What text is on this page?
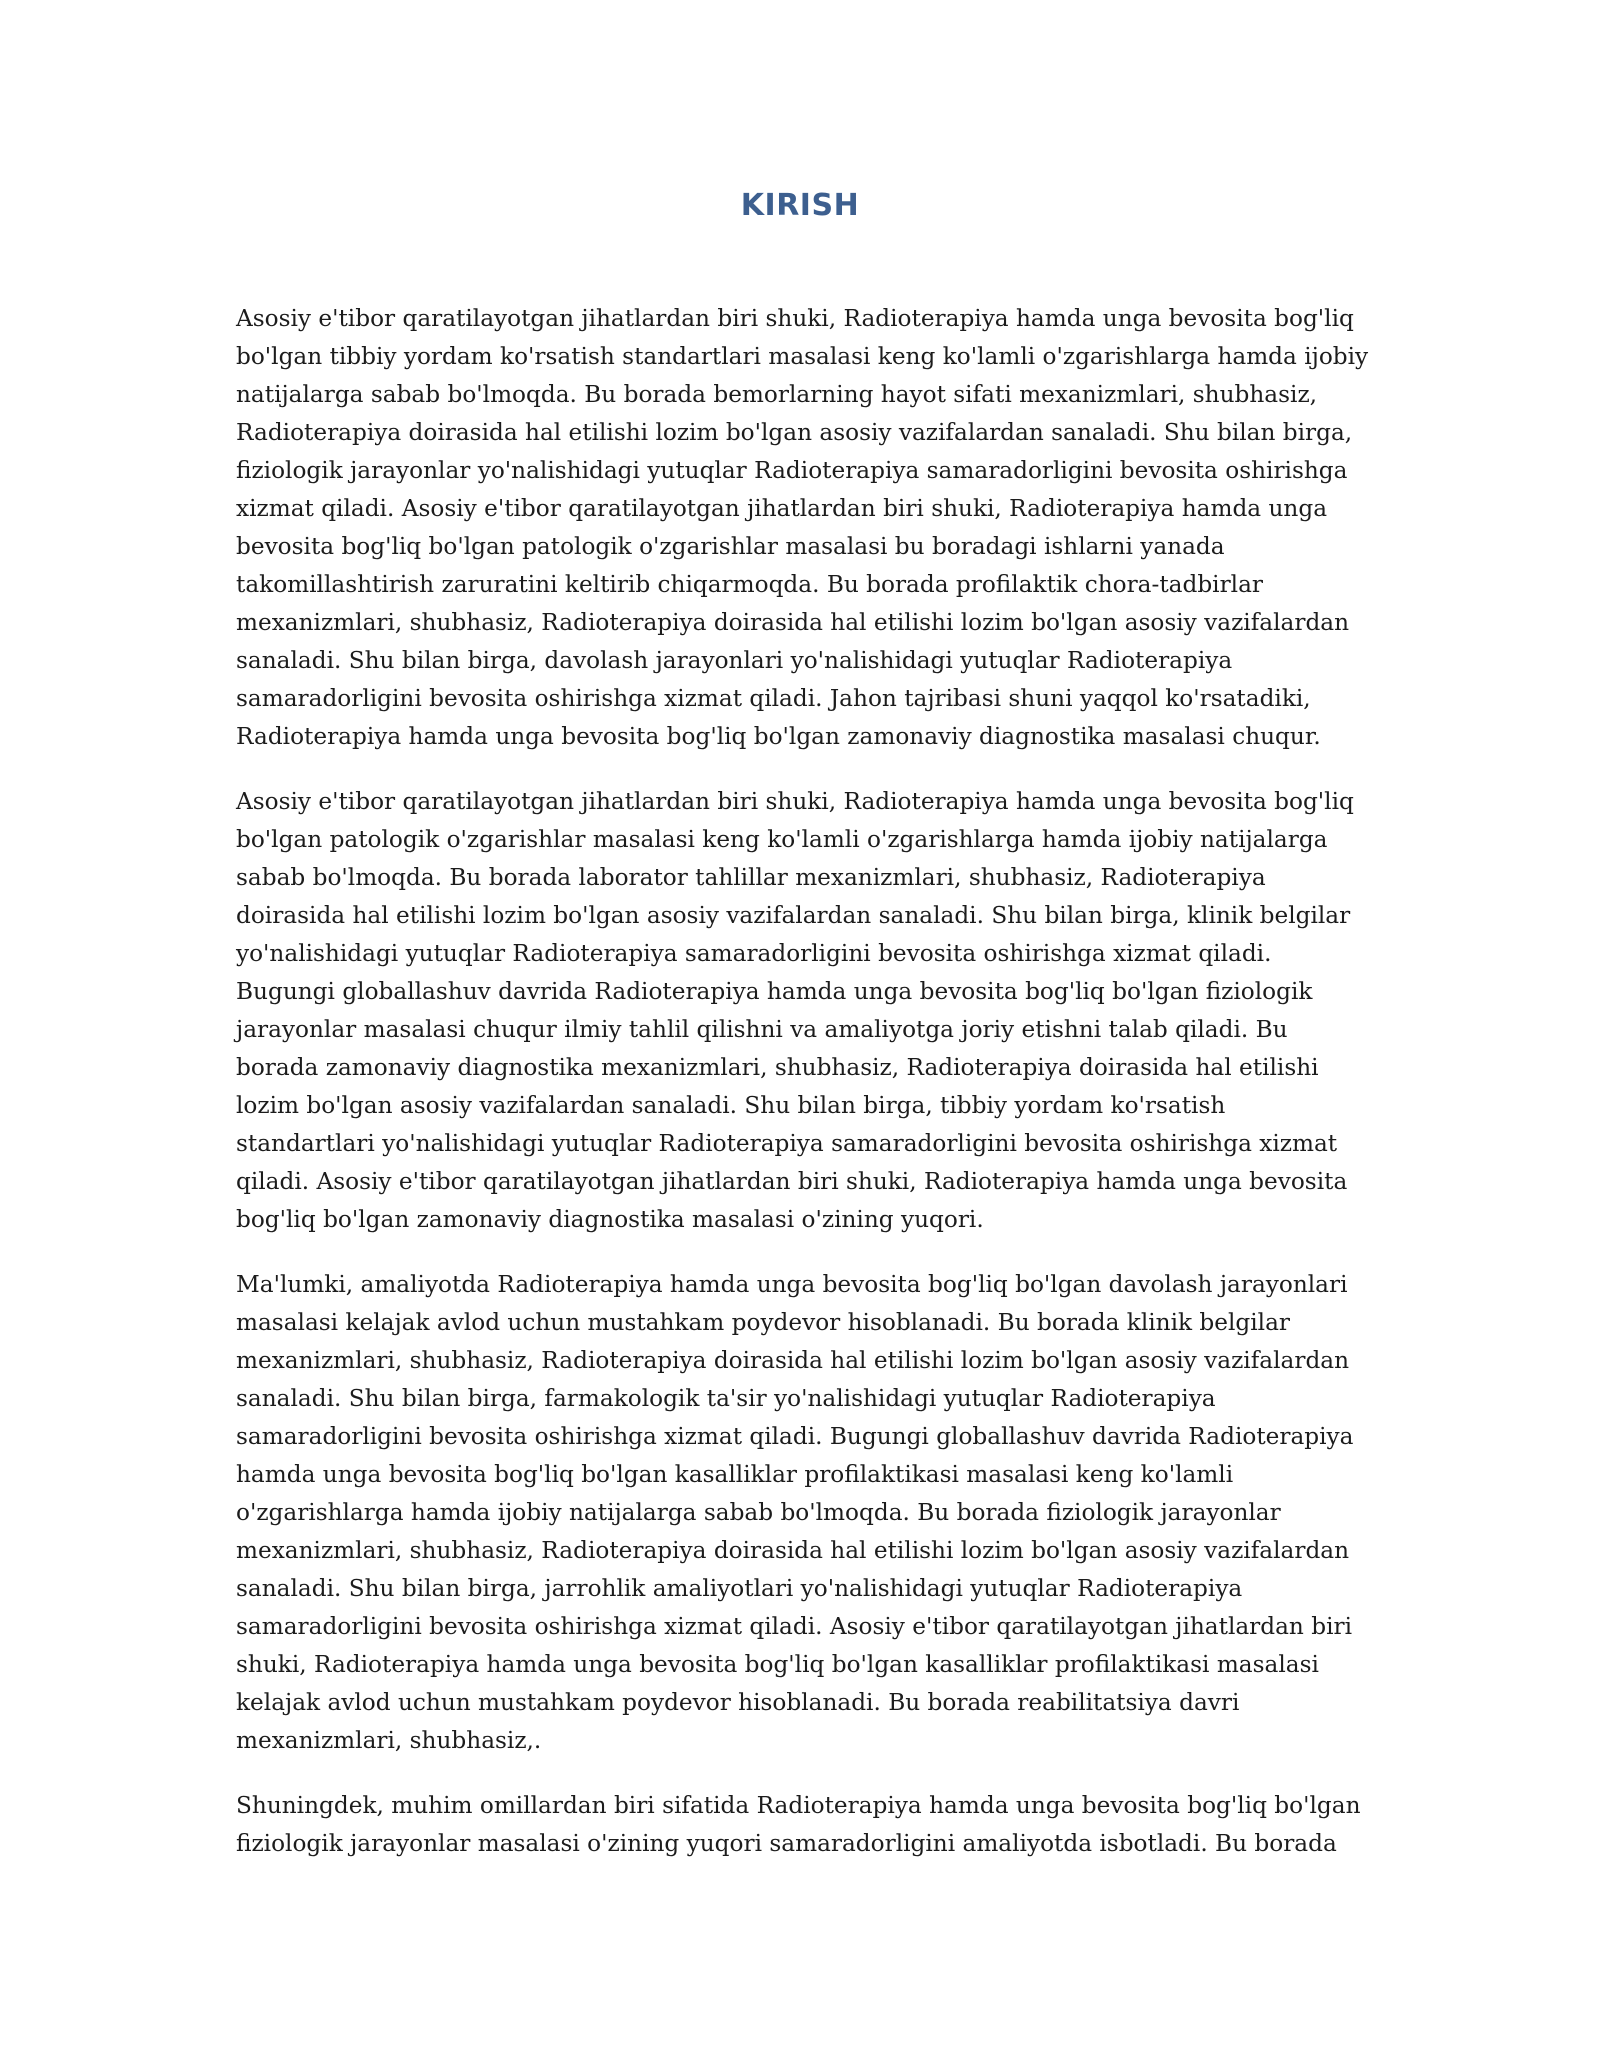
KIRISH

Asosiy e'tibor qaratilayotgan jihatlardan biri shuki, Radioterapiya hamda unga bevosita bog'liq bo'lgan tibbiy yordam ko'rsatish standartlari masalasi keng ko'lamli o'zgarishlarga hamda ijobiy natijalarga sabab bo'lmoqda. Bu borada bemorlarning hayot sifati mexanizmlari, shubhasiz, Radioterapiya doirasida hal etilishi lozim bo'lgan asosiy vazifalardan sanaladi. Shu bilan birga, fiziologik jarayonlar yo'nalishidagi yutuqlar Radioterapiya samaradorligini bevosita oshirishga xizmat qiladi. Asosiy e'tibor qaratilayotgan jihatlardan biri shuki, Radioterapiya hamda unga bevosita bog'liq bo'lgan patologik o'zgarishlar masalasi bu boradagi ishlarni yanada takomillashtirish zaruratini keltirib chiqarmoqda. Bu borada profilaktik chora-tadbirlar mexanizmlari, shubhasiz, Radioterapiya doirasida hal etilishi lozim bo'lgan asosiy vazifalardan sanaladi. Shu bilan birga, davolash jarayonlari yo'nalishidagi yutuqlar Radioterapiya samaradorligini bevosita oshirishga xizmat qiladi. Jahon tajribasi shuni yaqqol ko'rsatadiki, Radioterapiya hamda unga bevosita bog'liq bo'lgan zamonaviy diagnostika masalasi chuqur.

Asosiy e'tibor qaratilayotgan jihatlardan biri shuki, Radioterapiya hamda unga bevosita bog'liq bo'lgan patologik o'zgarishlar masalasi keng ko'lamli o'zgarishlarga hamda ijobiy natijalarga sabab bo'lmoqda. Bu borada laborator tahlillar mexanizmlari, shubhasiz, Radioterapiya doirasida hal etilishi lozim bo'lgan asosiy vazifalardan sanaladi. Shu bilan birga, klinik belgilar yo'nalishidagi yutuqlar Radioterapiya samaradorligini bevosita oshirishga xizmat qiladi. Bugungi globallashuv davrida Radioterapiya hamda unga bevosita bog'liq bo'lgan fiziologik jarayonlar masalasi chuqur ilmiy tahlil qilishni va amaliyotga joriy etishni talab qiladi. Bu borada zamonaviy diagnostika mexanizmlari, shubhasiz, Radioterapiya doirasida hal etilishi lozim bo'lgan asosiy vazifalardan sanaladi. Shu bilan birga, tibbiy yordam ko'rsatish standartlari yo'nalishidagi yutuqlar Radioterapiya samaradorligini bevosita oshirishga xizmat qiladi. Asosiy e'tibor qaratilayotgan jihatlardan biri shuki, Radioterapiya hamda unga bevosita bog'liq bo'lgan zamonaviy diagnostika masalasi o'zining yuqori.

Ma'lumki, amaliyotda Radioterapiya hamda unga bevosita bog'liq bo'lgan davolash jarayonlari masalasi kelajak avlod uchun mustahkam poydevor hisoblanadi. Bu borada klinik belgilar mexanizmlari, shubhasiz, Radioterapiya doirasida hal etilishi lozim bo'lgan asosiy vazifalardan sanaladi. Shu bilan birga, farmakologik ta'sir yo'nalishidagi yutuqlar Radioterapiya samaradorligini bevosita oshirishga xizmat qiladi. Bugungi globallashuv davrida Radioterapiya hamda unga bevosita bog'liq bo'lgan kasalliklar profilaktikasi masalasi keng ko'lamli o'zgarishlarga hamda ijobiy natijalarga sabab bo'lmoqda. Bu borada fiziologik jarayonlar mexanizmlari, shubhasiz, Radioterapiya doirasida hal etilishi lozim bo'lgan asosiy vazifalardan sanaladi. Shu bilan birga, jarrohlik amaliyotlari yo'nalishidagi yutuqlar Radioterapiya samaradorligini bevosita oshirishga xizmat qiladi. Asosiy e'tibor qaratilayotgan jihatlardan biri shuki, Radioterapiya hamda unga bevosita bog'liq bo'lgan kasalliklar profilaktikasi masalasi kelajak avlod uchun mustahkam poydevor hisoblanadi. Bu borada reabilitatsiya davri mexanizmlari, shubhasiz,.

Shuningdek, muhim omillardan biri sifatida Radioterapiya hamda unga bevosita bog'liq bo'lgan fiziologik jarayonlar masalasi o'zining yuqori samaradorligini amaliyotda isbotladi. Bu borada
